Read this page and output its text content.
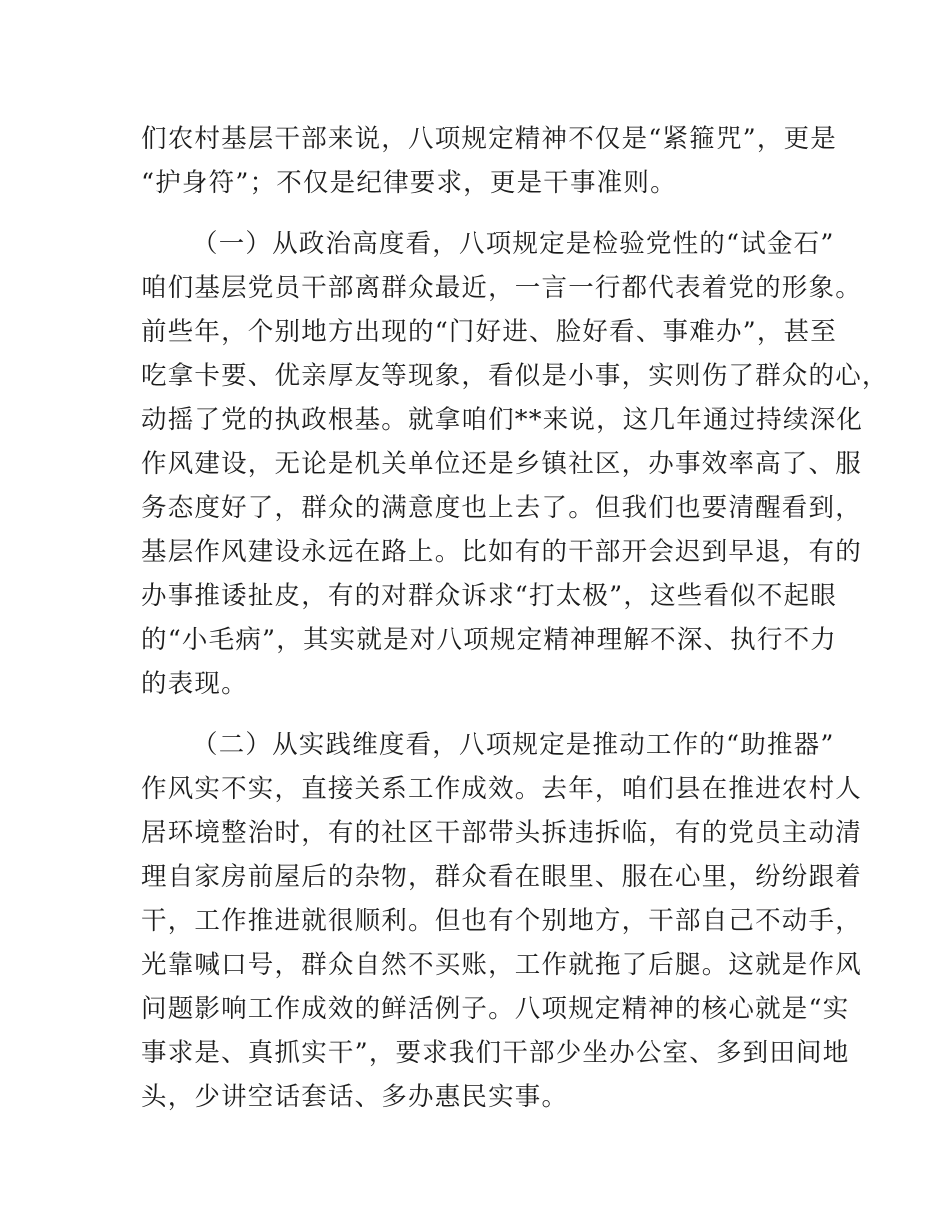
们农村基层干部来说，八项规定精神不仅是“紧箍咒”，更是
“护身符”；不仅是纪律要求，更是干事准则。
（一）从政治高度看，八项规定是检验党性的“试金石”
咱们基层党员干部离群众最近，一言一行都代表着党的形象。
前些年，个别地方出现的“门好进、脸好看、事难办”，甚至
吃拿卡要、优亲厚友等现象，看似是小事，实则伤了群众的心，
动摇了党的执政根基。就拿咱们**来说，这几年通过持续深化
作风建设，无论是机关单位还是乡镇社区，办事效率高了、服
务态度好了，群众的满意度也上去了。但我们也要清醒看到，
基层作风建设永远在路上。比如有的干部开会迟到早退，有的
办事推诿扯皮，有的对群众诉求“打太极”，这些看似不起眼
的“小毛病”，其实就是对八项规定精神理解不深、执行不力
的表现。
（二）从实践维度看，八项规定是推动工作的“助推器”
作风实不实，直接关系工作成效。去年，咱们县在推进农村人
居环境整治时，有的社区干部带头拆违拆临，有的党员主动清
理自家房前屋后的杂物，群众看在眼里、服在心里，纷纷跟着
干，工作推进就很顺利。但也有个别地方，干部自己不动手，
光靠喊口号，群众自然不买账，工作就拖了后腿。这就是作风
问题影响工作成效的鲜活例子。八项规定精神的核心就是“实
事求是、真抓实干”，要求我们干部少坐办公室、多到田间地
头，少讲空话套话、多办惠民实事。
